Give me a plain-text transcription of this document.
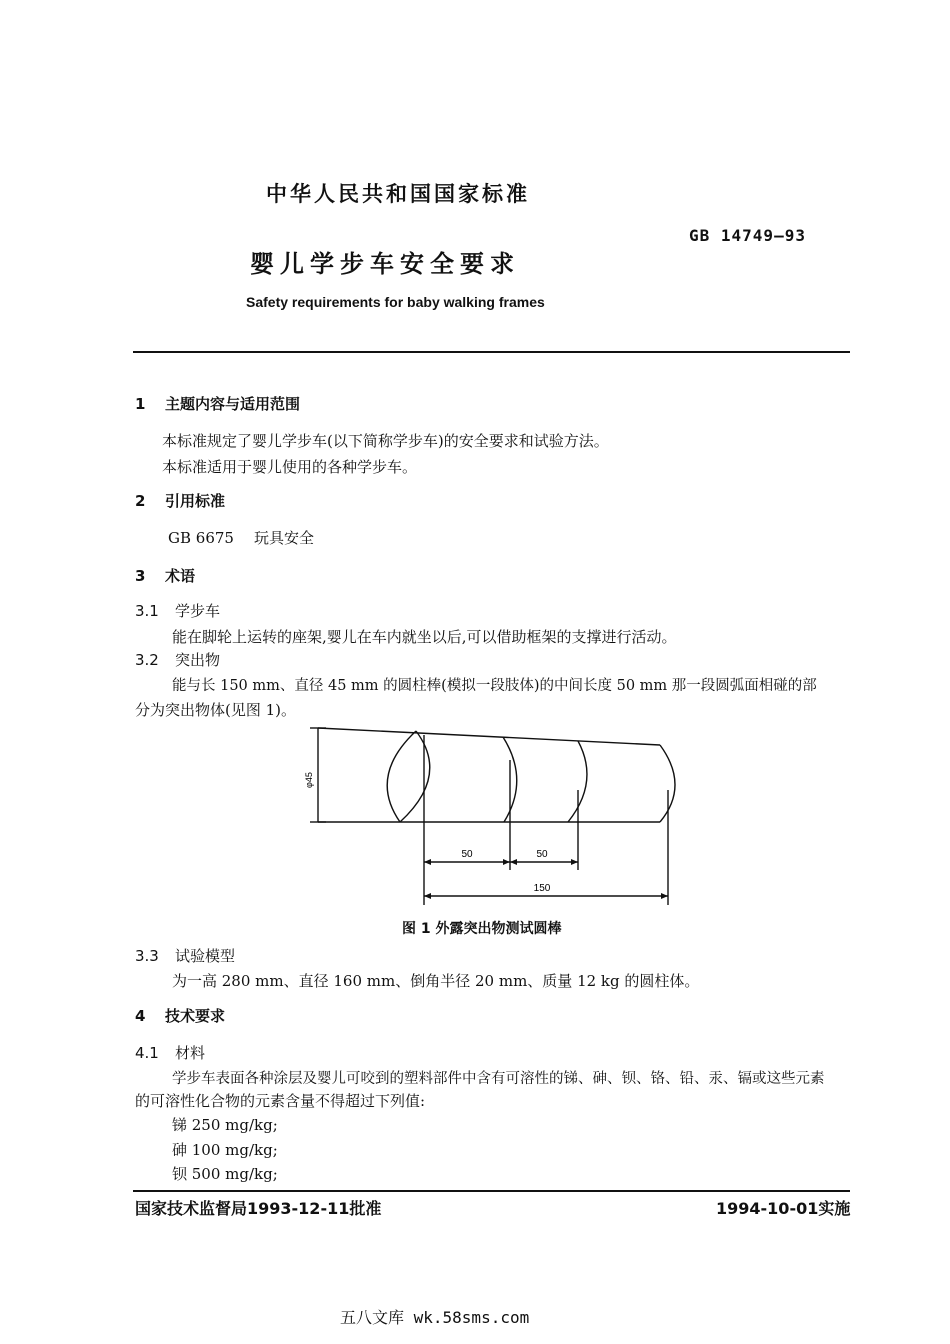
中华人民共和国国家标准
GB 14749—93
婴儿学步车安全要求
Safety requirements for baby walking frames
1 主题内容与适用范围
本标准规定了婴儿学步车(以下简称学步车)的安全要求和试验方法。
本标准适用于婴儿使用的各种学步车。
2 引用标准
GB 6675 玩具安全
3 术语
3.1 学步车
能在脚轮上运转的座架,婴儿在车内就坐以后,可以借助框架的支撑进行活动。
3.2 突出物
能与长 150 mm、直径 45 mm 的圆柱棒(模拟一段肢体)的中间长度 50 mm 那一段圆弧面相碰的部
分为突出物体(见图 1)。
φ45
50	50
150
图 1 外露突出物测试圆棒
3.3 试验模型
为一高 280 mm、直径 160 mm、倒角半径 20 mm、质量 12 kg 的圆柱体。
4 技术要求
4.1 材料
学步车表面各种涂层及婴儿可咬到的塑料部件中含有可溶性的锑、砷、钡、铬、铅、汞、镉或这些元素
的可溶性化合物的元素含量不得超过下列值:
锑 250 mg/kg;
砷 100 mg/kg;
钡 500 mg/kg;
国家技术监督局1993-12-11批准	1994-10-01实施
五八文库 wk.58sms.com
